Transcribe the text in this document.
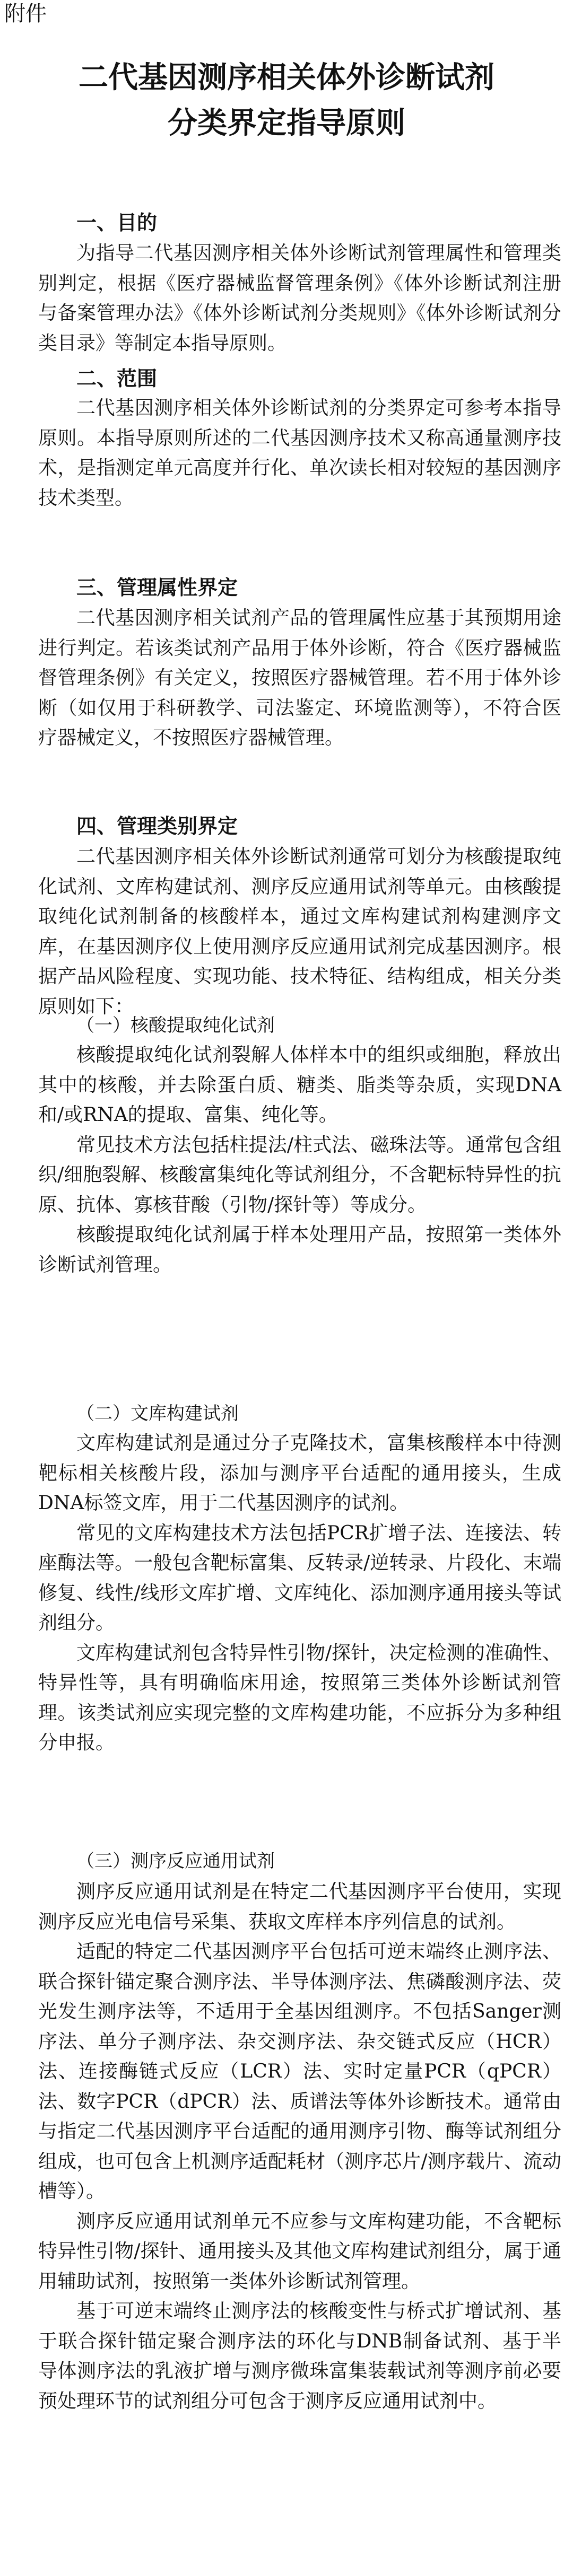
附件
二代基因测序相关体外诊断试剂
分类界定指导原则
一、目的

为指导二代基因测序相关体外诊断试剂管理属性和管理类别判定，根据《医疗器械监督管理条例》《体外诊断试剂注册与备案管理办法》《体外诊断试剂分类规则》《体外诊断试剂分类目录》等制定本指导原则。

二、范围

二代基因测序相关体外诊断试剂的分类界定可参考本指导原则。本指导原则所述的二代基因测序技术又称高通量测序技术，是指测定单元高度并行化、单次读长相对较短的基因测序技术类型。

三、管理属性界定

二代基因测序相关试剂产品的管理属性应基于其预期用途进行判定。若该类试剂产品用于体外诊断，符合《医疗器械监督管理条例》有关定义，按照医疗器械管理。若不用于体外诊断（如仅用于科研教学、司法鉴定、环境监测等），不符合医疗器械定义，不按照医疗器械管理。

四、管理类别界定

二代基因测序相关体外诊断试剂通常可划分为核酸提取纯化试剂、文库构建试剂、测序反应通用试剂等单元。由核酸提取纯化试剂制备的核酸样本，通过文库构建试剂构建测序文库，在基因测序仪上使用测序反应通用试剂完成基因测序。根据产品风险程度、实现功能、技术特征、结构组成，相关分类原则如下：

（一）核酸提取纯化试剂

核酸提取纯化试剂裂解人体样本中的组织或细胞，释放出其中的核酸，并去除蛋白质、糖类、脂类等杂质，实现DNA和/或RNA的提取、富集、纯化等。

常见技术方法包括柱提法/柱式法、磁珠法等。通常包含组织/细胞裂解、核酸富集纯化等试剂组分，不含靶标特异性的抗原、抗体、寡核苷酸（引物/探针等）等成分。

核酸提取纯化试剂属于样本处理用产品，按照第一类体外诊断试剂管理。

（二）文库构建试剂

文库构建试剂是通过分子克隆技术，富集核酸样本中待测靶标相关核酸片段，添加与测序平台适配的通用接头，生成DNA标签文库，用于二代基因测序的试剂。

常见的文库构建技术方法包括PCR扩增子法、连接法、转座酶法等。一般包含靶标富集、反转录/逆转录、片段化、末端修复、线性/线形文库扩增、文库纯化、添加测序通用接头等试剂组分。

文库构建试剂包含特异性引物/探针，决定检测的准确性、特异性等，具有明确临床用途，按照第三类体外诊断试剂管理。该类试剂应实现完整的文库构建功能，不应拆分为多种组分申报。

（三）测序反应通用试剂

测序反应通用试剂是在特定二代基因测序平台使用，实现测序反应光电信号采集、获取文库样本序列信息的试剂。

适配的特定二代基因测序平台包括可逆末端终止测序法、联合探针锚定聚合测序法、半导体测序法、焦磷酸测序法、荧光发生测序法等，不适用于全基因组测序。不包括Sanger测序法、单分子测序法、杂交测序法、杂交链式反应（HCR）法、连接酶链式反应（LCR）法、实时定量PCR（qPCR）法、数字PCR（dPCR）法、质谱法等体外诊断技术。通常由与指定二代基因测序平台适配的通用测序引物、酶等试剂组分组成，也可包含上机测序适配耗材（测序芯片/测序载片、流动槽等）。

测序反应通用试剂单元不应参与文库构建功能，不含靶标特异性引物/探针、通用接头及其他文库构建试剂组分，属于通用辅助试剂，按照第一类体外诊断试剂管理。

基于可逆末端终止测序法的核酸变性与桥式扩增试剂、基于联合探针锚定聚合测序法的环化与DNB制备试剂、基于半导体测序法的乳液扩增与测序微珠富集装载试剂等测序前必要预处理环节的试剂组分可包含于测序反应通用试剂中。
